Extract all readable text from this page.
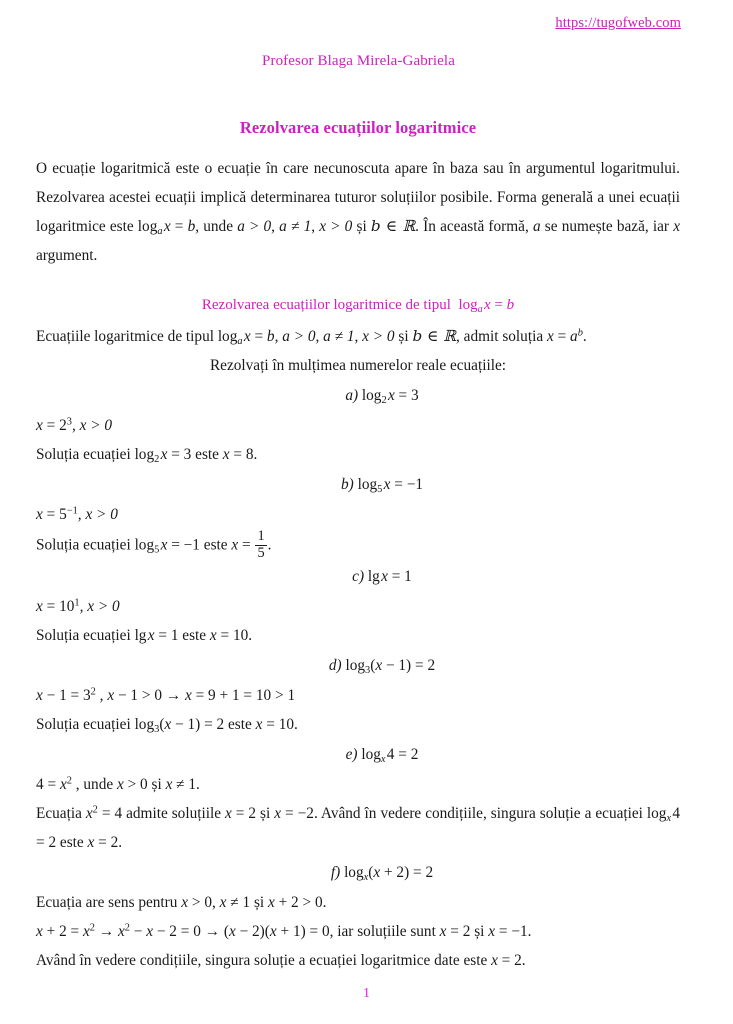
https://tugofweb.com
Profesor Blaga Mirela-Gabriela
Rezolvarea ecuațiilor logaritmice

O ecuație logaritmică este o ecuație în care necunoscuta apare în baza sau în argumentul logaritmului. Rezolvarea acestei ecuații implică determinarea tuturor soluțiilor posibile. Forma generală a unei ecuații logaritmice este $\log_a$ x = b, unde a > 0, a ≠ 1, x > 0 și b ∈ ℝ. În această formă, a se numește bază, iar x argument.

Rezolvarea ecuațiilor logaritmice de tipul  $\log_a$ x = b

Ecuațiile logaritmice de tipul $\log_a$ x = b, a > 0, a ≠ 1, x > 0 și b ∈ ℝ, admit soluția $x = a^b$.

Rezolvați în mulțimea numerelor reale ecuațiile:

a) $\log_2$ x = 3

$x = 2^3$, x > 0

Soluția ecuației $\log_2$ x = 3 este x = 8.

b) $\log_5$ x = −1

$x = 5^{-1}$, x > 0

Soluția ecuației $\log_5$ x = −1 este $x = \frac{1}{5}$ .

c) lg x = 1

$x = 10^1$, x > 0

Soluția ecuației lg x = 1 este x = 10.

d) $\log_3(x - 1) = 2$

$x - 1 = 3^2$ , x − 1 > 0 → x = 9 + 1 = 10 > 1

Soluția ecuației $\log_3(x - 1) = 2$ este x = 10.

e) $\log_x$ 4 = 2

$4 = x^2$ , unde x > 0 și x ≠ 1.

Ecuația $x^2 = 4$ admite soluțiile x = 2 și x = −2. Având în vedere condițiile, singura soluție a ecuației $\log_x$ 4 = 2 este x = 2.

f) $\log_x(x + 2) = 2$

Ecuația are sens pentru x > 0, x ≠ 1 și x + 2 > 0.

$x + 2 = x^2 \to x^2 - x - 2 = 0 \to (x - 2)(x + 1) = 0$, iar soluțiile sunt x = 2 și x = −1.

Având în vedere condițiile, singura soluție a ecuației logaritmice date este x = 2.

1
